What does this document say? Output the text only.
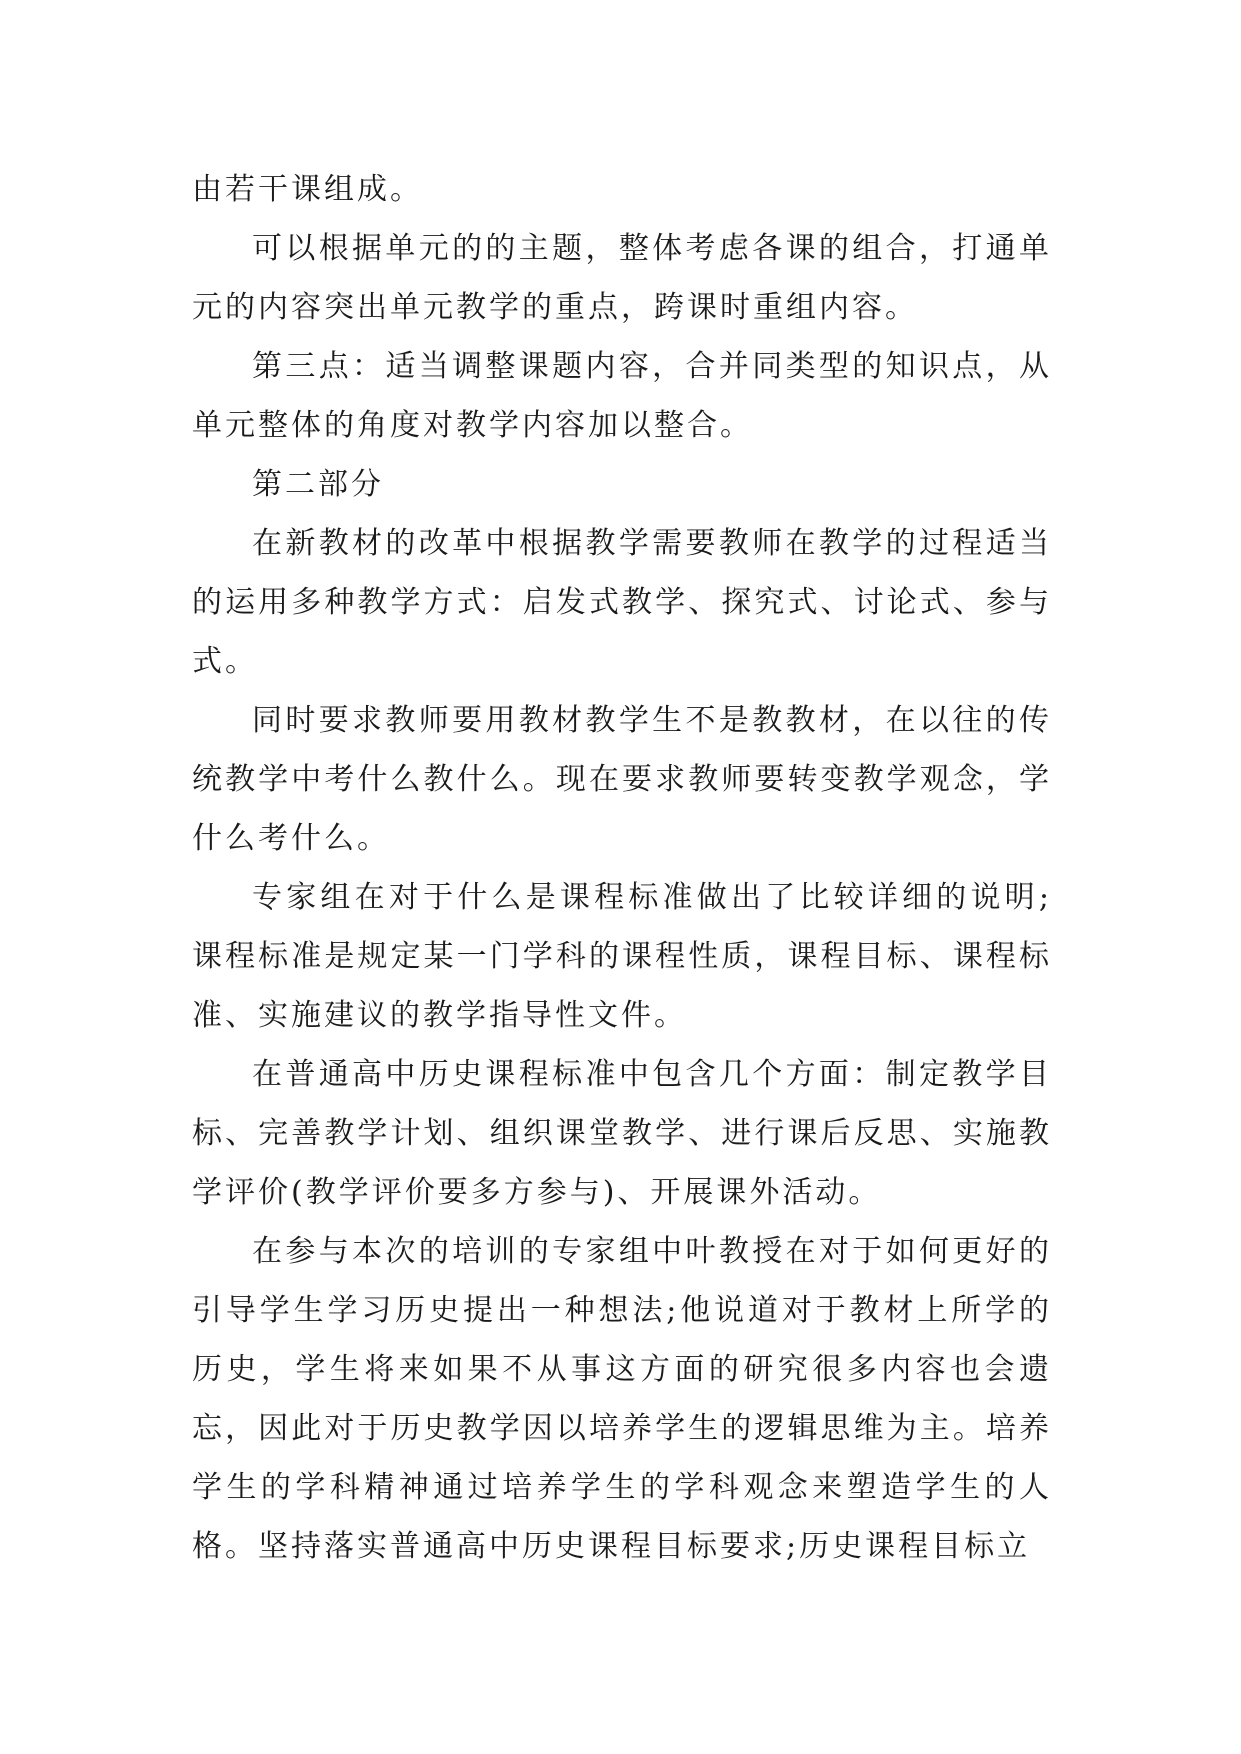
由若干课组成。

可以根据单元的的主题，整体考虑各课的组合，打通单元的内容突出单元教学的重点，跨课时重组内容。

第三点：适当调整课题内容，合并同类型的知识点，从单元整体的角度对教学内容加以整合。

第二部分

在新教材的改革中根据教学需要教师在教学的过程适当的运用多种教学方式：启发式教学、探究式、讨论式、参与式。

同时要求教师要用教材教学生不是教教材，在以往的传统教学中考什么教什么。现在要求教师要转变教学观念，学什么考什么。

专家组在对于什么是课程标准做出了比较详细的说明;课程标准是规定某一门学科的课程性质，课程目标、课程标准、实施建议的教学指导性文件。

在普通高中历史课程标准中包含几个方面：制定教学目标、完善教学计划、组织课堂教学、进行课后反思、实施教学评价(教学评价要多方参与)、开展课外活动。

在参与本次的培训的专家组中叶教授在对于如何更好的引导学生学习历史提出一种想法;他说道对于教材上所学的历史，学生将来如果不从事这方面的研究很多内容也会遗忘，因此对于历史教学因以培养学生的逻辑思维为主。培养学生的学科精神通过培养学生的学科观念来塑造学生的人格。坚持落实普通高中历史课程目标要求;历史课程目标立
